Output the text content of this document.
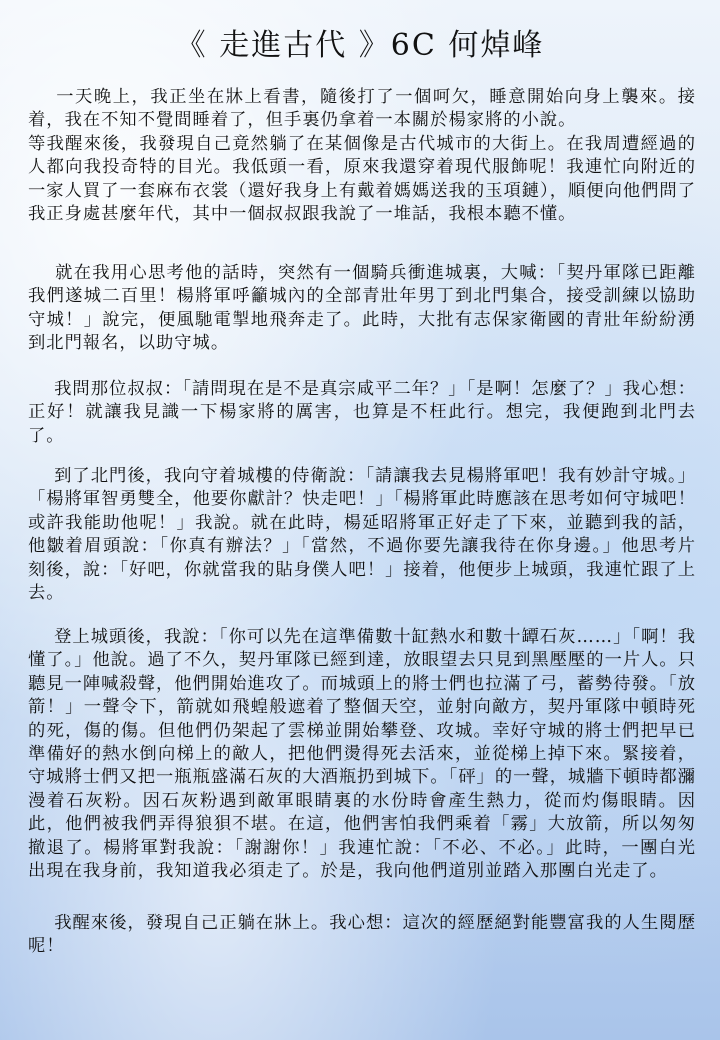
《 走進古代 》6C 何焯峰

一天晚上，我正坐在牀上看書，隨後打了一個呵欠，睡意開始向身上襲來。接着，我在不知不覺間睡着了，但手裏仍拿着一本關於楊家將的小說。
等我醒來後，我發現自己竟然躺了在某個像是古代城市的大街上。在我周遭經過的人都向我投奇特的目光。我低頭一看，原來我還穿着現代服飾呢！我連忙向附近的一家人買了一套麻布衣裳（還好我身上有戴着媽媽送我的玉項鏈），順便向他們問了我正身處甚麼年代，其中一個叔叔跟我說了一堆話，我根本聽不懂。

就在我用心思考他的話時，突然有一個騎兵衝進城裏，大喊：「契丹軍隊已距離我們遂城二百里！楊將軍呼籲城內的全部青壯年男丁到北門集合，接受訓練以協助守城！」說完，便風馳電掣地飛奔走了。此時，大批有志保家衛國的青壯年紛紛湧到北門報名，以助守城。

我問那位叔叔：「請問現在是不是真宗咸平二年？」「是啊！怎麼了？」我心想：正好！就讓我見識一下楊家將的厲害，也算是不枉此行。想完，我便跑到北門去了。

到了北門後，我向守着城樓的侍衛說：「請讓我去見楊將軍吧！我有妙計守城。」「楊將軍智勇雙全，他要你獻計？快走吧！」「楊將軍此時應該在思考如何守城吧！或許我能助他呢！」我說。就在此時，楊延昭將軍正好走了下來，並聽到我的話，他皺着眉頭說：「你真有辦法？」「當然，不過你要先讓我待在你身邊。」他思考片刻後，說：「好吧，你就當我的貼身僕人吧！」接着，他便步上城頭，我連忙跟了上去。

登上城頭後，我說：「你可以先在這準備數十缸熱水和數十罈石灰……」「啊！我懂了。」他說。過了不久，契丹軍隊已經到達，放眼望去只見到黑壓壓的一片人。只聽見一陣喊殺聲，他們開始進攻了。而城頭上的將士們也拉滿了弓，蓄勢待發。「放箭！」一聲令下，箭就如飛蝗般遮着了整個天空，並射向敵方，契丹軍隊中頓時死的死，傷的傷。但他們仍架起了雲梯並開始攀登、攻城。幸好守城的將士們把早已準備好的熱水倒向梯上的敵人，把他們燙得死去活來，並從梯上掉下來。緊接着，守城將士們又把一瓶瓶盛滿石灰的大酒瓶扔到城下。「砰」的一聲，城牆下頓時都瀰漫着石灰粉。因石灰粉遇到敵軍眼睛裏的水份時會產生熱力，從而灼傷眼睛。因此，他們被我們弄得狼狽不堪。在這，他們害怕我們乘着「霧」大放箭，所以匆匆撤退了。楊將軍對我說：「謝謝你！」我連忙說：「不必、不必。」此時，一團白光出現在我身前，我知道我必須走了。於是，我向他們道別並踏入那團白光走了。

我醒來後，發現自己正躺在牀上。我心想：這次的經歷絕對能豐富我的人生閱歷呢！
